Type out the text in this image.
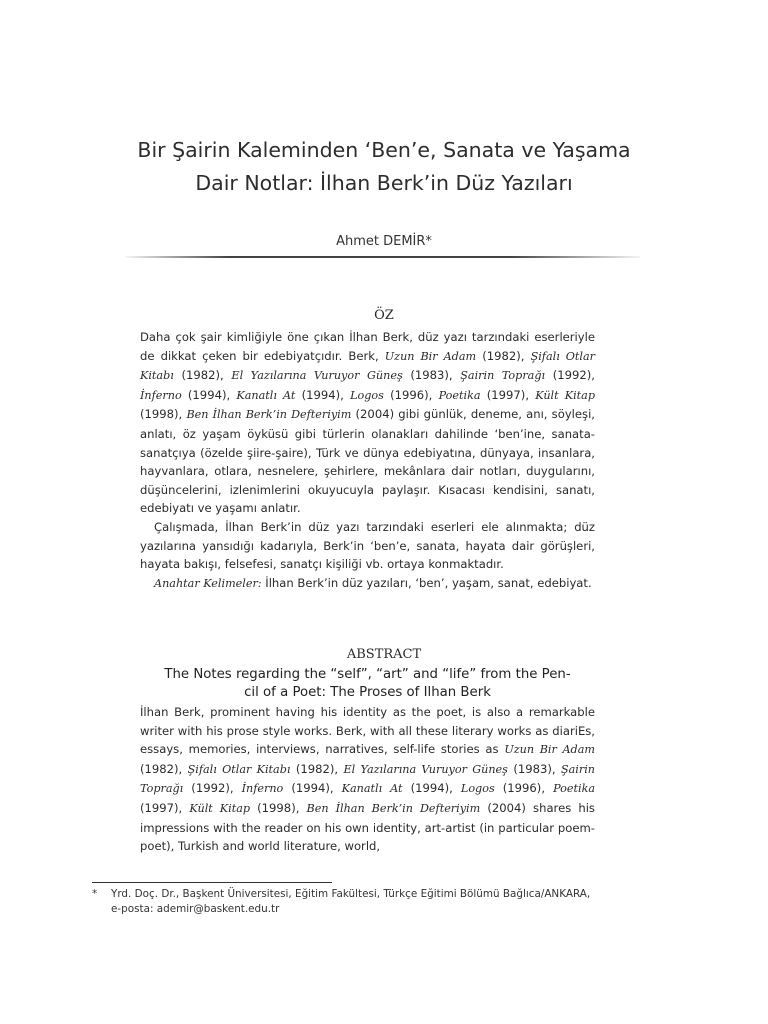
Bir Şairin Kaleminden ‘Ben’e, Sanata ve Yaşama
Dair Notlar: İlhan Berk’in Düz Yazıları
Ahmet DEMİR*
ÖZ

Daha çok şair kimliğiyle öne çıkan İlhan Berk, düz yazı tarzındaki eserleriyle de dikkat çeken bir edebiyatçıdır. Berk, Uzun Bir Adam (1982), Şifalı Otlar Kitabı (1982), El Yazılarına Vuruyor Güneş (1983), Şairin Toprağı (1992), İnferno (1994), Kanatlı At (1994), Logos (1996), Poetika (1997), Kült Kitap (1998), Ben İlhan Berk’in Defteriyim (2004) gibi günlük, deneme, anı, söyleşi, anlatı, öz yaşam öyküsü gibi türlerin olanakları dahilinde ‘ben’ine, sanata-sanatçıya (özelde şiire-şaire), Türk ve dünya edebiyatına, dünyaya, insanlara, hayvanlara, otlara, nesnelere, şehirlere, mekânlara dair notları, duygularını, düşüncelerini, izlenimlerini okuyucuyla paylaşır. Kısacası kendisini, sanatı, edebiyatı ve yaşamı anlatır.

Çalışmada, İlhan Berk’in düz yazı tarzındaki eserleri ele alınmakta; düz yazılarına yansıdığı kadarıyla, Berk’in ‘ben’e, sanata, hayata dair görüşleri, hayata bakışı, felsefesi, sanatçı kişiliği vb. ortaya konmaktadır.

Anahtar Kelimeler: İlhan Berk’in düz yazıları, ‘ben’, yaşam, sanat, edebiyat.

ABSTRACT
The Notes regarding the “self”, “art” and “life” from the Pen-
cil of a Poet: The Proses of Ilhan Berk

İlhan Berk, prominent having his identity as the poet, is also a remarkable writer with his prose style works. Berk, with all these literary works as diariEs, essays, memories, interviews, narratives, self-life stories as Uzun Bir Adam (1982), Şifalı Otlar Kitabı (1982), El Yazılarına Vuruyor Güneş (1983), Şairin Toprağı (1992), İnferno (1994), Kanatlı At (1994), Logos (1996), Poetika (1997), Kült Kitap (1998), Ben İlhan Berk’in Defteriyim (2004) shares his impressions with the reader on his own identity, art-artist (in particular poem-poet), Turkish and world literature, world,

* Yrd. Doç. Dr., Başkent Üniversitesi, Eğitim Fakültesi, Türkçe Eğitimi Bölümü Bağlıca/ANKARA,
e-posta: ademir@baskent.edu.tr
